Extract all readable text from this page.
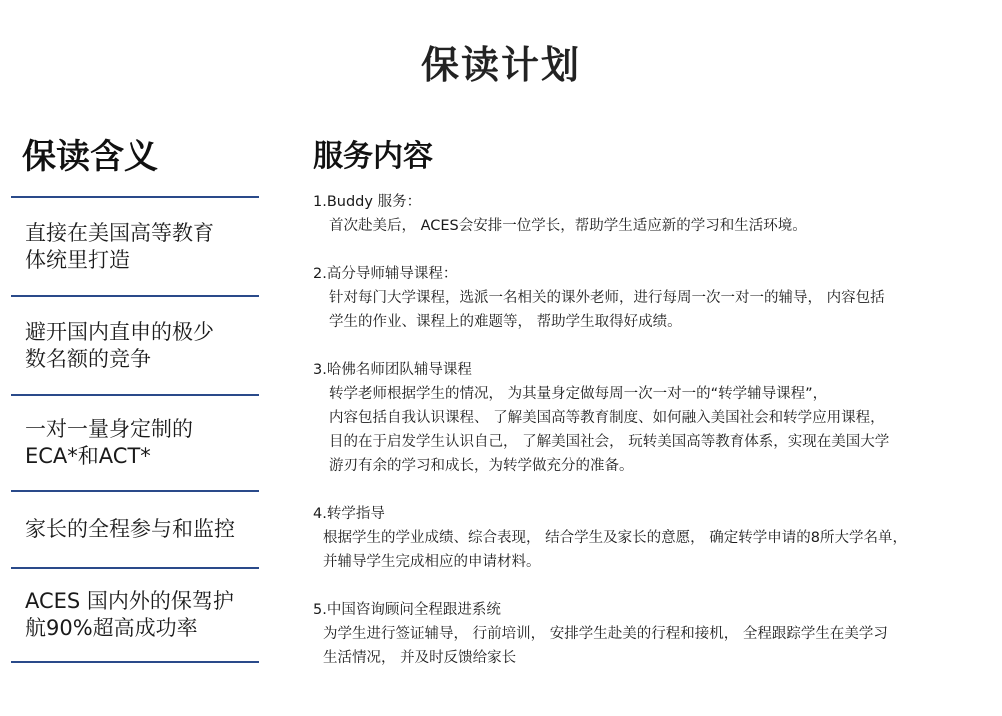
保读计划
保读含义
直接在美国高等教育
体统里打造
避开国内直申的极少
数名额的竞争
一对一量身定制的
ECA*和ACT*
家长的全程参与和监控
ACES 国内外的保驾护
航90%超高成功率
服务内容
1.Buddy 服务：
首次赴美后， ACES会安排一位学长，帮助学生适应新的学习和生活环境。
2.高分导师辅导课程：
针对每门大学课程，选派一名相关的课外老师，进行每周一次一对一的辅导， 内容包括
学生的作业、课程上的难题等， 帮助学生取得好成绩。
3.哈佛名师团队辅导课程
转学老师根据学生的情况， 为其量身定做每周一次一对一的“转学辅导课程”，
内容包括自我认识课程、 了解美国高等教育制度、如何融入美国社会和转学应用课程，
目的在于启发学生认识自己， 了解美国社会， 玩转美国高等教育体系，实现在美国大学
游刃有余的学习和成长，为转学做充分的准备。
4.转学指导
根据学生的学业成绩、综合表现， 结合学生及家长的意愿， 确定转学申请的8所大学名单，
并辅导学生完成相应的申请材料。
5.中国咨询顾问全程跟进系统
为学生进行签证辅导， 行前培训， 安排学生赴美的行程和接机， 全程跟踪学生在美学习
生活情况， 并及时反馈给家长
